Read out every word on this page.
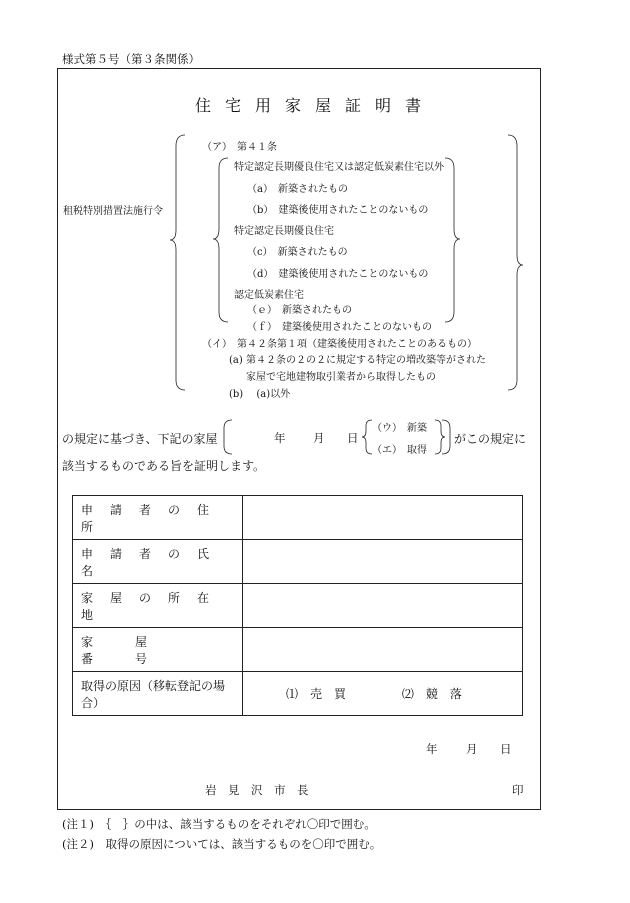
様式第５号（第３条関係）
住宅用家屋証明書
租税特別措置法施行令
（ア）　第４１条
特定認定長期優良住宅又は認定低炭素住宅以外
（a）　新築されたもの
（b）　建築後使用されたことのないもの
特定認定長期優良住宅
（c）　新築されたもの
（d）　建築後使用されたことのないもの
認定低炭素住宅
（ｅ）　新築されたもの
（ｆ）　建築後使用されたことのないもの
（イ）　第４２条第１項（建築後使用されたことのあるもの）
(a) 第４２条の２の２に規定する特定の増改築等がされた
家屋で宅地建物取引業者から取得したもの
(b)　 (a)以外
の規定に基づき、下記の家屋	年 月 日
（ウ）　新築
（エ）　取得
がこの規定に
該当するものである旨を証明します。
申請者の住所	

申請者の氏名	

家屋の所在地	

家屋番号	

取得の原因（移転登記の場合）	⑴　売　買 ⑵　競　落
年 月 日
岩　見　沢　市　長	印
(注１)　｛　｝の中は、該当するものをそれぞれ〇印で囲む。
(注２)　取得の原因については、該当するものを〇印で囲む。
